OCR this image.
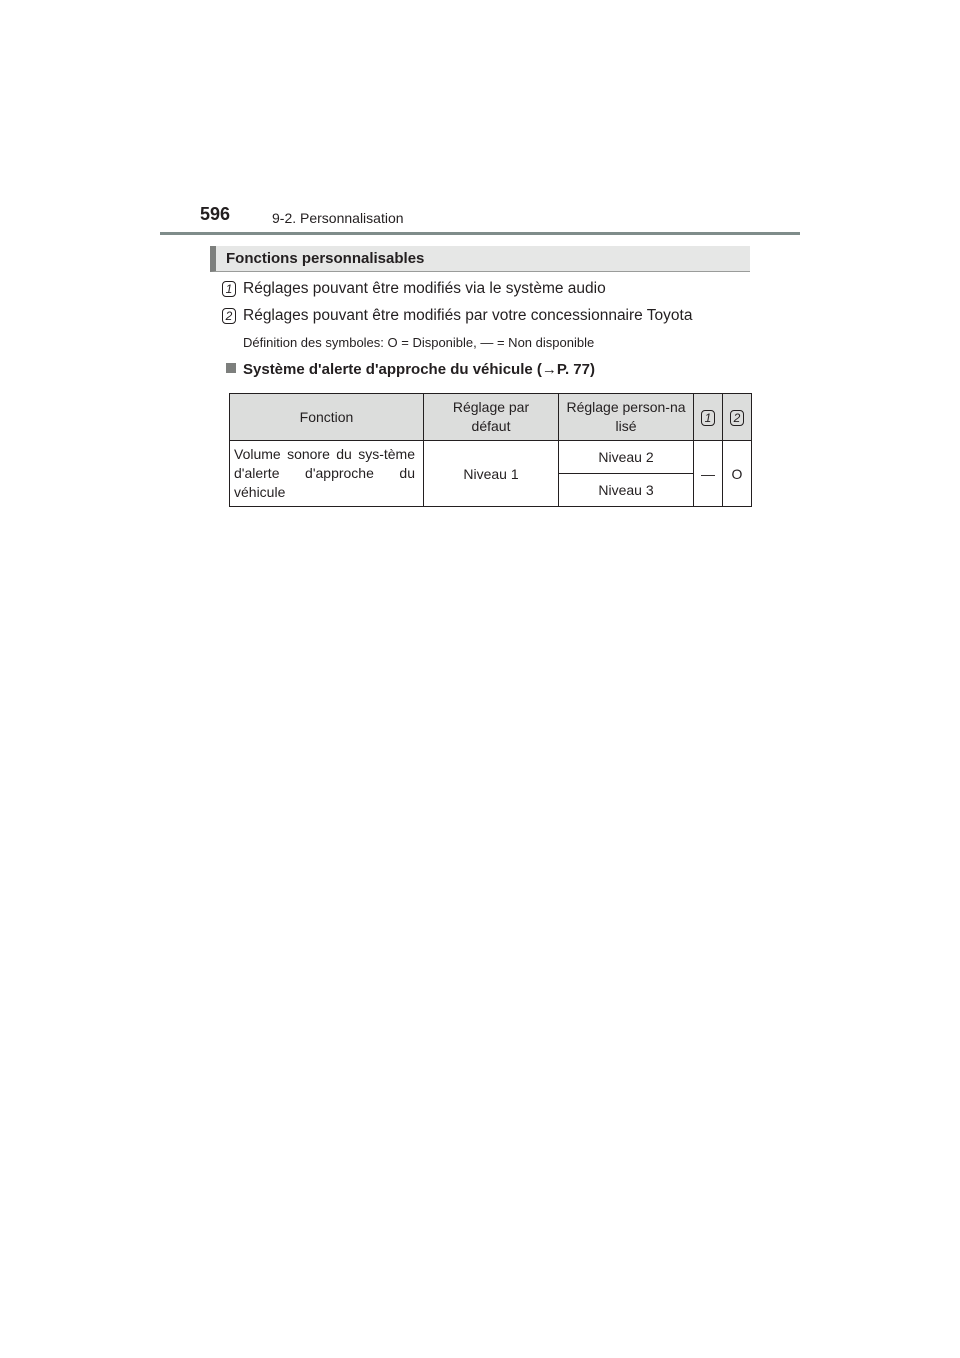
596	9-2. Personnalisation
Fonctions personnalisables
1 Réglages pouvant être modifiés via le système audio
2 Réglages pouvant être modifiés par votre concessionnaire Toyota
Définition des symboles: O = Disponible, — = Non disponible
Système d'alerte d'approche du véhicule (→P. 77)
Fonction	Réglage par défaut	Réglage person-nalisé	1	2
Volume sonore du sys-tème d'alerte d'approche du véhicule	Niveau 1	Niveau 2	—	O
		Niveau 3		
